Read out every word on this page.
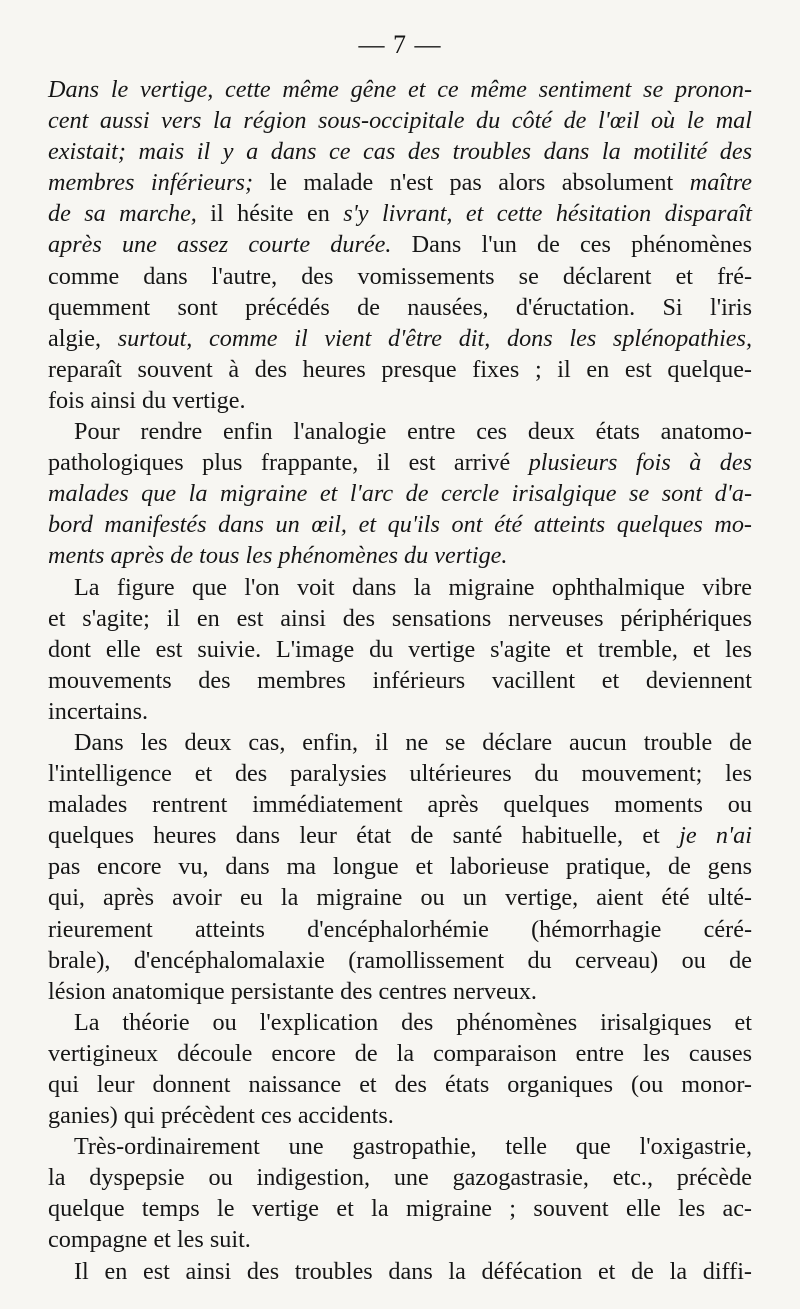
— 7 —
Dans le vertige, cette même gêne et ce même sentiment se pronon-
cent aussi vers la région sous-occipitale du côté de l'œil où le mal
existait; mais il y a dans ce cas des troubles dans la motilité des
membres inférieurs; le malade n'est pas alors absolument maître
de sa marche, il hésite en s'y livrant, et cette hésitation disparaît
après une assez courte durée. Dans l'un de ces phénomènes
comme dans l'autre, des vomissements se déclarent et fré-
quemment sont précédés de nausées, d'éructation. Si l'iris
algie, surtout, comme il vient d'être dit, dons les splénopathies,
reparaît souvent à des heures presque fixes ; il en est quelque-
fois ainsi du vertige.
Pour rendre enfin l'analogie entre ces deux états anatomo-
pathologiques plus frappante, il est arrivé plusieurs fois à des
malades que la migraine et l'arc de cercle irisalgique se sont d'a-
bord manifestés dans un œil, et qu'ils ont été atteints quelques mo-
ments après de tous les phénomènes du vertige.
La figure que l'on voit dans la migraine ophthalmique vibre
et s'agite; il en est ainsi des sensations nerveuses périphériques
dont elle est suivie. L'image du vertige s'agite et tremble, et les
mouvements des membres inférieurs vacillent et deviennent
incertains.
Dans les deux cas, enfin, il ne se déclare aucun trouble de
l'intelligence et des paralysies ultérieures du mouvement; les
malades rentrent immédiatement après quelques moments ou
quelques heures dans leur état de santé habituelle, et je n'ai
pas encore vu, dans ma longue et laborieuse pratique, de gens
qui, après avoir eu la migraine ou un vertige, aient été ulté-
rieurement atteints d'encéphalorhémie (hémorrhagie céré-
brale), d'encéphalomalaxie (ramollissement du cerveau) ou de
lésion anatomique persistante des centres nerveux.
La théorie ou l'explication des phénomènes irisalgiques et
vertigineux découle encore de la comparaison entre les causes
qui leur donnent naissance et des états organiques (ou monor-
ganies) qui précèdent ces accidents.
Très-ordinairement une gastropathie, telle que l'oxigastrie,
la dyspepsie ou indigestion, une gazogastrasie, etc., précède
quelque temps le vertige et la migraine ; souvent elle les ac-
compagne et les suit.
Il en est ainsi des troubles dans la défécation et de la diffi-
